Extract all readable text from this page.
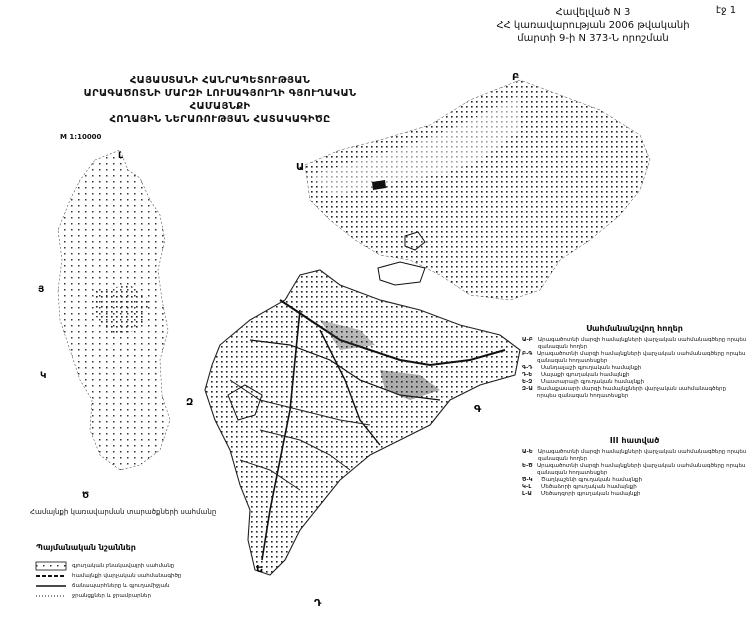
Հավելված N 3
ՀՀ կառավարության 2006 թվականի
մարտի 9-ի N 373-Ն որոշման
էջ 1
ՀԱՅԱՍՏԱՆԻ ՀԱՆՐԱՊԵՏՈՒԹՅԱՆ
ԱՐԱԳԱԾՈՏՆԻ ՄԱՐԶԻ ԼՈՒՍԱԳՅՈՒՂԻ ԳՅՈՒՂԱԿԱՆ ՀԱՄԱՅՆՔԻ
ՀՈՂԱՅԻՆ ՆԵՐԱՌՈՒԹՅԱՆ ՀԱՏԱԿԱԳԻԾԸ
M 1:10000
Բ
Ա
Զ
Գ
Ե
Դ
Լ
Յ
Կ
Ծ
Համայնքի կառավարման տարածքների սահմանը
Սահմանանշվող հողեր
Ա-Բ Արագածոտնի մարզի համայնքների վարչական սահմանագծերը որպես զանազան հողեր
Բ-Գ Արագածոտնի մարզի համայնքների վարչական սահմանագծերը որպես զանազան հողատեսքեր
Գ-Դ	Սանդալաշի գյուղական համայնքի
Դ-Ե	Սալաքի գյուղական համայնքի
Ե-Զ	Մաստարայի գյուղական համայնքի
Զ-Ա Ցամաքասարի մարզի համայնքների վարչական սահմանագծերը որպես զանազան հողատեսքեր
III հատված
Ա-Ե Արագածոտնի մարզի համայնքների վարչական սահմանագծերը որպես զանազան հողեր
Ե-Ծ Արագածոտնի մարզի համայնքների վարչական սահմանագծերը որպես զանազան հողատեսքեր
Ծ-Կ	Ծաղկաշենի գյուղական համայնքի
Կ-Լ	Մեծաձորի գյուղական համայնքի
Լ-Ա	Մեծադզորի գյուղական համայնքի
Պայմանական նշաններ
գյուղական բնակավայրի սահմանը
համայնքի վարչական սահմանագիծը
ճանապարհները և գյուղամիջյան
ջրանցքներ և ջրամբարներ
